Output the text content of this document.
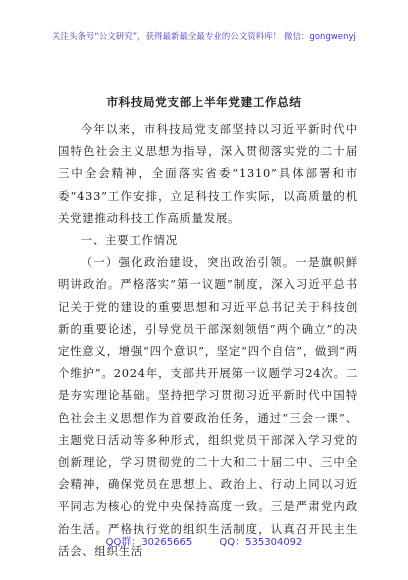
关注头条号“公文研究”，获得最新最全最专业的公文资料库！ 微信：gongwenyj
市科技局党支部上半年党建工作总结

今年以来，市科技局党支部坚持以习近平新时代中国特色社会主义思想为指导，深入贯彻落实党的二十届三中全会精神，全面落实省委“1310”具体部署和市委“433”工作安排，立足科技工作实际，以高质量的机关党建推动科技工作高质量发展。

一、主要工作情况

（一）强化政治建设，突出政治引领。一是旗帜鲜明讲政治。严格落实“第一议题”制度，深入习近平总书记关于党的建设的重要思想和习近平总书记关于科技创新的重要论述，引导党员干部深刻领悟“两个确立”的决定性意义，增强“四个意识”，坚定“四个自信”，做到“两个维护”。2024年，支部共开展第一议题学习24次。二是夯实理论基础。坚持把学习贯彻习近平新时代中国特色社会主义思想作为首要政治任务，通过“三会一课”、主题党日活动等多种形式，组织党员干部深入学习党的创新理论，学习贯彻党的二十大和二十届二中、三中全会精神，确保党员在思想上、政治上、行动上同以习近平同志为核心的党中央保持高度一致。三是严肃党内政治生活。严格执行党的组织生活制度，认真召开民主生活会、组织生活

QQ群：30265665	QQ：535304092
